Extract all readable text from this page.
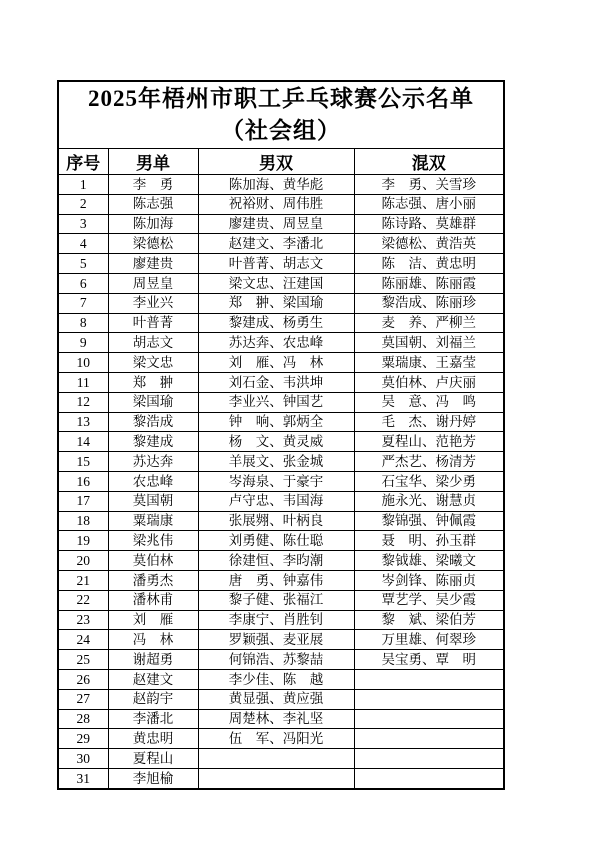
2025年梧州市职工乒乓球赛公示名单
（社会组）			

序号	男单	男双	混双
1	李　勇	陈加海、黄华彪	李　勇、关雪珍
2	陈志强	祝裕财、周伟胜	陈志强、唐小丽
3	陈加海	廖建贵、周昱皇	陈诗路、莫雄群
4	梁德松	赵建文、李潘北	梁德松、黄浩英
5	廖建贵	叶普菁、胡志文	陈　洁、黄忠明
6	周昱皇	梁文忠、汪建国	陈丽雄、陈丽霞
7	李业兴	郑　翀、梁国瑜	黎浩成、陈丽珍
8	叶普菁	黎建成、杨勇生	麦　养、严柳兰
9	胡志文	苏达奔、农忠峰	莫国朝、刘福兰
10	梁文忠	刘　雁、冯　林	粟瑞康、王嘉莹
11	郑　翀	刘石金、韦洪坤	莫伯林、卢庆丽
12	梁国瑜	李业兴、钟国艺	吴　意、冯　鸣
13	黎浩成	钟　响、郭炳全	毛　杰、谢丹婷
14	黎建成	杨　文、黄灵威	夏程山、范艳芳
15	苏达奔	羊展文、张金城	严杰艺、杨清芳
16	农忠峰	岑海泉、于豪宇	石宝华、梁少勇
17	莫国朝	卢守忠、韦国海	施永光、谢慧贞
18	粟瑞康	张展翙、叶柄良	黎锦强、钟佩霞
19	梁兆伟	刘勇健、陈仕聪	聂　明、孙玉群
20	莫伯林	徐建恒、李昀潮	黎钺雄、梁曦文
21	潘勇杰	唐　勇、钟嘉伟	岑剑锋、陈丽贞
22	潘林甫	黎子健、张福江	覃艺学、吴少霞
23	刘　雁	李康宁、肖胜钊	黎　斌、梁伯芳
24	冯　林	罗颖强、麦亚展	万里雄、何翠珍
25	谢超勇	何锦浩、苏黎喆	吴宝勇、覃　明
26	赵建文	李少佳、陈　越	
27	赵韵宇	黄显强、黄应强	
28	李潘北	周楚林、李礼坚	
29	黄忠明	伍　军、冯阳光	
30	夏程山		
31	李旭榆		
